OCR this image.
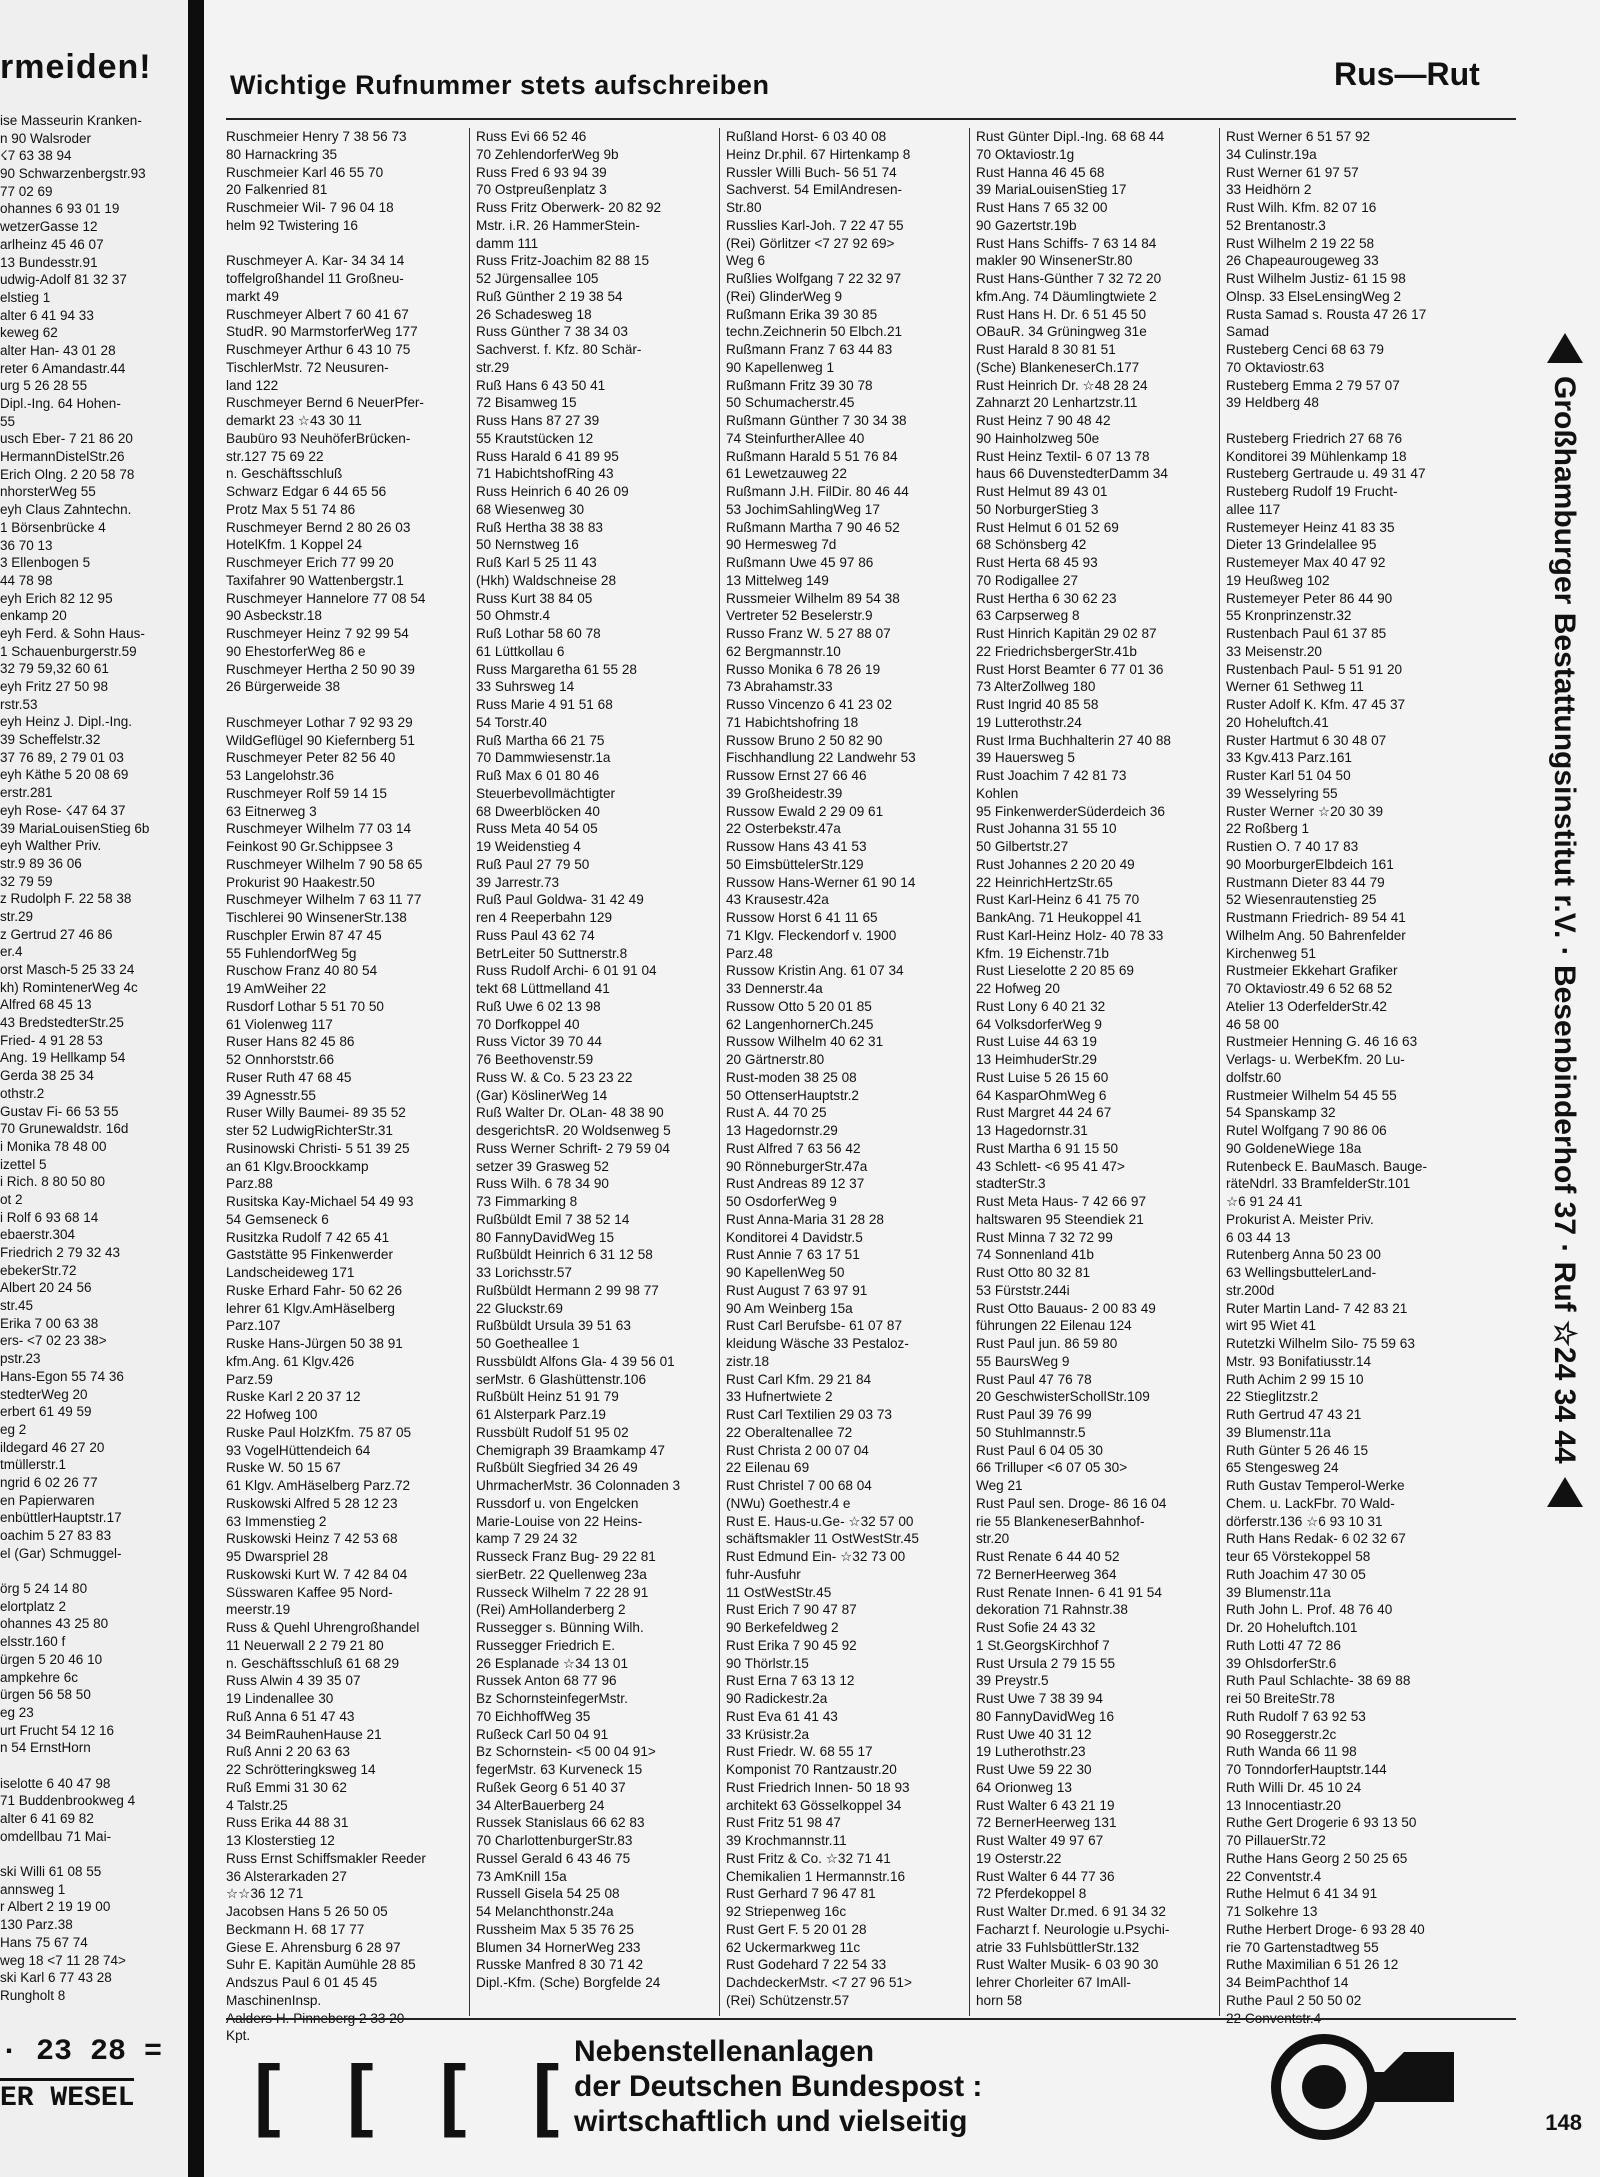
rmeiden!
ise Masseurin Kranken-
n 90 Walsroder
☇7 63 38 94
90 Schwarzenbergstr.93
77 02 69
ohannes 6 93 01 19
wetzerGasse 12
arlheinz 45 46 07
13 Bundesstr.91
udwig-Adolf 81 32 37
elstieg 1
alter 6 41 94 33
keweg 62
alter Han- 43 01 28
reter 6 Amandastr.44
urg 5 26 28 55
Dipl.-Ing. 64 Hohen-
55
usch Eber- 7 21 86 20
HermannDistelStr.26
Erich Olng. 2 20 58 78
nhorsterWeg 55
eyh Claus Zahntechn.
1 Börsenbrücke 4
36 70 13
3 Ellenbogen 5
44 78 98
eyh Erich 82 12 95
enkamp 20
eyh Ferd. & Sohn Haus-
1 Schauenburgerstr.59
32 79 59,32 60 61
eyh Fritz 27 50 98
rstr.53
eyh Heinz J. Dipl.-Ing.
39 Scheffelstr.32
37 76 89, 2 79 01 03
eyh Käthe 5 20 08 69
erstr.281
eyh Rose- ☇47 64 37
39 MariaLouisenStieg 6b
eyh Walther Priv.
str.9 89 36 06
32 79 59
z Rudolph F. 22 58 38
str.29
z Gertrud 27 46 86
er.4
orst Masch-5 25 33 24
kh) RomintenerWeg 4c
Alfred 68 45 13
43 BredstedterStr.25
Fried- 4 91 28 53
Ang. 19 Hellkamp 54
Gerda 38 25 34
othstr.2
Gustav Fi- 66 53 55
70 Grunewaldstr. 16d
i Monika 78 48 00
izettel 5
i Rich. 8 80 50 80
ot 2
i Rolf 6 93 68 14
ebaerstr.304
Friedrich 2 79 32 43
ebekerStr.72
Albert 20 24 56
str.45
Erika 7 00 63 38
ers- <7 02 23 38>
pstr.23
Hans-Egon 55 74 36
stedterWeg 20
erbert 61 49 59
eg 2
ildegard 46 27 20
tmüllerstr.1
ngrid 6 02 26 77
en Papierwaren
enbüttlerHauptstr.17
oachim 5 27 83 83
el (Gar) Schmuggel-
örg 5 24 14 80
elortplatz 2
ohannes 43 25 80
elsstr.160 f
ürgen 5 20 46 10
ampkehre 6c
ürgen 56 58 50
eg 23
urt Frucht 54 12 16
n 54 ErnstHorn
iselotte 6 40 47 98
71 Buddenbrookweg 4
alter 6 41 69 82
omdellbau 71 Mai-
ski Willi 61 08 55
annsweg 1
r Albert 2 19 19 00
130 Parz.38
Hans 75 67 74
weg 18 <7 11 28 74>
ski Karl 6 77 43 28
Rungholt 8
· 23 28 =
ER WESEL
Wichtige Rufnummer stets aufschreiben	Rus—Rut
Ruschmeier Henry 7 38 56 73
80 Harnackring 35
Ruschmeier Karl 46 55 70
20 Falkenried 81
Ruschmeier Wil- 7 96 04 18
helm 92 Twistering 16
Ruschmeyer A. Kar- 34 34 14
toffelgroßhandel 11 Großneu-
markt 49
Ruschmeyer Albert 7 60 41 67
StudR. 90 MarmstorferWeg 177
Ruschmeyer Arthur 6 43 10 75
TischlerMstr. 72 Neusuren-
land 122
Ruschmeyer Bernd 6 NeuerPfer-
demarkt 23 ☆43 30 11
Baubüro 93 NeuhöferBrücken-
str.127 75 69 22
n. Geschäftsschluß
Schwarz Edgar 6 44 65 56
Protz Max 5 51 74 86
Ruschmeyer Bernd 2 80 26 03
HotelKfm. 1 Koppel 24
Ruschmeyer Erich 77 99 20
Taxifahrer 90 Wattenbergstr.1
Ruschmeyer Hannelore 77 08 54
90 Asbeckstr.18
Ruschmeyer Heinz 7 92 99 54
90 EhestorferWeg 86 e
Ruschmeyer Hertha 2 50 90 39
26 Bürgerweide 38
Ruschmeyer Lothar 7 92 93 29
WildGeflügel 90 Kiefernberg 51
Ruschmeyer Peter 82 56 40
53 Langelohstr.36
Ruschmeyer Rolf 59 14 15
63 Eitnerweg 3
Ruschmeyer Wilhelm 77 03 14
Feinkost 90 Gr.Schippsee 3
Ruschmeyer Wilhelm 7 90 58 65
Prokurist 90 Haakestr.50
Ruschmeyer Wilhelm 7 63 11 77
Tischlerei 90 WinsenerStr.138
Ruschpler Erwin 87 47 45
55 FuhlendorfWeg 5g
Ruschow Franz 40 80 54
19 AmWeiher 22
Rusdorf Lothar 5 51 70 50
61 Violenweg 117
Ruser Hans 82 45 86
52 Onnhorststr.66
Ruser Ruth 47 68 45
39 Agnesstr.55
Ruser Willy Baumei- 89 35 52
ster 52 LudwigRichterStr.31
Rusinowski Christi- 5 51 39 25
an 61 Klgv.Broockkamp
Parz.88
Rusitska Kay-Michael 54 49 93
54 Gemseneck 6
Rusitzka Rudolf 7 42 65 41
Gaststätte 95 Finkenwerder
Landscheideweg 171
Ruske Erhard Fahr- 50 62 26
lehrer 61 Klgv.AmHäselberg
Parz.107
Ruske Hans-Jürgen 50 38 91
kfm.Ang. 61 Klgv.426
Parz.59
Ruske Karl 2 20 37 12
22 Hofweg 100
Ruske Paul HolzKfm. 75 87 05
93 VogelHüttendeich 64
Ruske W. 50 15 67
61 Klgv. AmHäselberg Parz.72
Ruskowski Alfred 5 28 12 23
63 Immenstieg 2
Ruskowski Heinz 7 42 53 68
95 Dwarspriel 28
Ruskowski Kurt W. 7 42 84 04
Süsswaren Kaffee 95 Nord-
meerstr.19
Russ & Quehl Uhrengroßhandel
11 Neuerwall 2 2 79 21 80
n. Geschäftsschluß 61 68 29
Russ Alwin 4 39 35 07
19 Lindenallee 30
Ruß Anna 6 51 47 43
34 BeimRauhenHause 21
Ruß Anni 2 20 63 63
22 Schrötteringksweg 14
Ruß Emmi 31 30 62
4 Talstr.25
Russ Erika 44 88 31
13 Klosterstieg 12
Russ Ernst Schiffsmakler Reeder
36 Alsterarkaden 27
☆☆36 12 71
Jacobsen Hans 5 26 50 05
Beckmann H. 68 17 77
Giese E. Ahrensburg 6 28 97
Suhr E. Kapitän Aumühle 28 85
Andszus Paul 6 01 45 45
MaschinenInsp.
Kpt.
Russ Evi 66 52 46
70 ZehlendorferWeg 9b
Russ Fred 6 93 94 39
70 Ostpreußenplatz 3
Russ Fritz Oberwerk- 20 82 92
Mstr. i.R. 26 HammerStein-
damm 111
Russ Fritz-Joachim 82 88 15
52 Jürgensallee 105
Ruß Günther 2 19 38 54
26 Schadesweg 18
Russ Günther 7 38 34 03
Sachverst. f. Kfz. 80 Schär-
str.29
Ruß Hans 6 43 50 41
72 Bisamweg 15
Russ Hans 87 27 39
55 Krautstücken 12
Russ Harald 6 41 89 95
71 HabichtshofRing 43
Russ Heinrich 6 40 26 09
68 Wiesenweg 30
Ruß Hertha 38 38 83
50 Nernstweg 16
Ruß Karl 5 25 11 43
(Hkh) Waldschneise 28
Russ Kurt 38 84 05
50 Ohmstr.4
Ruß Lothar 58 60 78
61 Lüttkollau 6
Russ Margaretha 61 55 28
33 Suhrsweg 14
Russ Marie 4 91 51 68
54 Torstr.40
Ruß Martha 66 21 75
70 Dammwiesenstr.1a
Ruß Max 6 01 80 46
Steuerbevollmächtigter
68 Dweerblöcken 40
Russ Meta 40 54 05
19 Weidenstieg 4
Ruß Paul 27 79 50
39 Jarrestr.73
Ruß Paul Goldwa- 31 42 49
ren 4 Reeperbahn 129
Russ Paul 43 62 74
BetrLeiter 50 Suttnerstr.8
Russ Rudolf Archi- 6 01 91 04
tekt 68 Lüttmelland 41
Ruß Uwe 6 02 13 98
70 Dorfkoppel 40
Russ Victor 39 70 44
76 Beethovenstr.59
Russ W. & Co. 5 23 23 22
(Gar) KöslinerWeg 14
Ruß Walter Dr. OLan- 48 38 90
desgerichtsR. 20 Woldsenweg 5
Russ Werner Schrift- 2 79 59 04
setzer 39 Grasweg 52
Russ Wilh. 6 78 34 90
73 Fimmarking 8
Rußbüldt Emil 7 38 52 14
80 FannyDavidWeg 15
Rußbüldt Heinrich 6 31 12 58
33 Lorichsstr.57
Rußbüldt Hermann 2 99 98 77
22 Gluckstr.69
Rußbüldt Ursula 39 51 63
50 Goetheallee 1
Russbüldt Alfons Gla- 4 39 56 01
serMstr. 6 Glashüttenstr.106
Rußbült Heinz 51 91 79
61 Alsterpark Parz.19
Russbült Rudolf 51 95 02
Chemigraph 39 Braamkamp 47
Rußbült Siegfried 34 26 49
UhrmacherMstr. 36 Colonnaden 3
Russdorf u. von Engelcken
Marie-Louise von 22 Heins-
kamp 7 29 24 32
Russeck Franz Bug- 29 22 81
sierBetr. 22 Quellenweg 23a
Russeck Wilhelm 7 22 28 91
(Rei) AmHollanderberg 2
Russegger s. Bünning Wilh.
Russegger Friedrich E.
26 Esplanade ☆34 13 01
Russek Anton 68 77 96
Bz SchornsteinfegerMstr.
70 EichhoffWeg 35
Rußeck Carl 50 04 91
Bz Schornstein- <5 00 04 91>
fegerMstr. 63 Kurveneck 15
Rußek Georg 6 51 40 37
34 AlterBauerberg 24
Russek Stanislaus 66 62 83
70 CharlottenburgerStr.83
Russel Gerald 6 43 46 75
73 AmKnill 15a
Russell Gisela 54 25 08
54 Melanchthonstr.24a
Russheim Max 5 35 76 25
Blumen 34 HornerWeg 233
Russke Manfred 8 30 71 42
Dipl.-Kfm. (Sche) Borgfelde 24
Rußland Horst- 6 03 40 08
Heinz Dr.phil. 67 Hirtenkamp 8
Russler Willi Buch- 56 51 74
Sachverst. 54 EmilAndresen-
Str.80
Russlies Karl-Joh. 7 22 47 55
(Rei) Görlitzer <7 27 92 69>
Weg 6
Rußlies Wolfgang 7 22 32 97
(Rei) GlinderWeg 9
Rußmann Erika 39 30 85
techn.Zeichnerin 50 Elbch.21
Rußmann Franz 7 63 44 83
90 Kapellenweg 1
Rußmann Fritz 39 30 78
50 Schumacherstr.45
Rußmann Günther 7 30 34 38
74 SteinfurtherAllee 40
Rußmann Harald 5 51 76 84
61 Lewetzauweg 22
Rußmann J.H. FilDir. 80 46 44
53 JochimSahlingWeg 17
Rußmann Martha 7 90 46 52
90 Hermesweg 7d
Rußmann Uwe 45 97 86
13 Mittelweg 149
Russmeier Wilhelm 89 54 38
Vertreter 52 Beselerstr.9
Russo Franz W. 5 27 88 07
62 Bergmannstr.10
Russo Monika 6 78 26 19
73 Abrahamstr.33
Russo Vincenzo 6 41 23 02
71 Habichtshofring 18
Russow Bruno 2 50 82 90
Fischhandlung 22 Landwehr 53
Russow Ernst 27 66 46
39 Großheidestr.39
Russow Ewald 2 29 09 61
22 Osterbekstr.47a
Russow Hans 43 41 53
50 EimsbüttelerStr.129
Russow Hans-Werner 61 90 14
43 Krausestr.42a
Russow Horst 6 41 11 65
71 Klgv. Fleckendorf v. 1900
Parz.48
Russow Kristin Ang. 61 07 34
33 Dennerstr.4a
Russow Otto 5 20 01 85
62 LangenhornerCh.245
Russow Wilhelm 40 62 31
20 Gärtnerstr.80
Rust-moden 38 25 08
50 OttenserHauptstr.2
Rust A. 44 70 25
13 Hagedornstr.29
Rust Alfred 7 63 56 42
90 RönneburgerStr.47a
Rust Andreas 89 12 37
50 OsdorferWeg 9
Rust Anna-Maria 31 28 28
Konditorei 4 Davidstr.5
Rust Annie 7 63 17 51
90 KapellenWeg 50
Rust August 7 63 97 91
90 Am Weinberg 15a
Rust Carl Berufsbe- 61 07 87
kleidung Wäsche 33 Pestaloz-
zistr.18
Rust Carl Kfm. 29 21 84
33 Hufnertwiete 2
Rust Carl Textilien 29 03 73
22 Oberaltenallee 72
Rust Christa 2 00 07 04
22 Eilenau 69
Rust Christel 7 00 68 04
(NWu) Goethestr.4 e
Rust E. Haus-u.Ge- ☆32 57 00
schäftsmakler 11 OstWestStr.45
Rust Edmund Ein- ☆32 73 00
fuhr-Ausfuhr
11 OstWestStr.45
Rust Erich 7 90 47 87
90 Berkefeldweg 2
Rust Erika 7 90 45 92
90 Thörlstr.15
Rust Erna 7 63 13 12
90 Radickestr.2a
Rust Eva 61 41 43
33 Krüsistr.2a
Rust Friedr. W. 68 55 17
Komponist 70 Rantzaustr.20
Rust Friedrich Innen- 50 18 93
architekt 63 Gösselkoppel 34
Rust Fritz 51 98 47
39 Krochmannstr.11
Rust Fritz & Co. ☆32 71 41
Chemikalien 1 Hermannstr.16
Rust Gerhard 7 96 47 81
92 Striepenweg 16c
Rust Gert F. 5 20 01 28
62 Uckermarkweg 11c
Rust Godehard 7 22 54 33
DachdeckerMstr. <7 27 96 51>
(Rei) Schützenstr.57
Rust Günter Dipl.-Ing. 68 68 44
70 Oktaviostr.1g
Rust Hanna 46 45 68
39 MariaLouisenStieg 17
Rust Hans 7 65 32 00
90 Gazertstr.19b
Rust Hans Schiffs- 7 63 14 84
makler 90 WinsenerStr.80
Rust Hans-Günther 7 32 72 20
kfm.Ang. 74 Däumlingtwiete 2
Rust Hans H. Dr. 6 51 45 50
OBauR. 34 Grüningweg 31e
Rust Harald 8 30 81 51
(Sche) BlankeneserCh.177
Rust Heinrich Dr. ☆48 28 24
Zahnarzt 20 Lenhartzstr.11
Rust Heinz 7 90 48 42
90 Hainholzweg 50e
Rust Heinz Textil- 6 07 13 78
haus 66 DuvenstedterDamm 34
Rust Helmut 89 43 01
50 NorburgerStieg 3
Rust Helmut 6 01 52 69
68 Schönsberg 42
Rust Herta 68 45 93
70 Rodigallee 27
Rust Hertha 6 30 62 23
63 Carpserweg 8
Rust Hinrich Kapitän 29 02 87
22 FriedrichsbergerStr.41b
Rust Horst Beamter 6 77 01 36
73 AlterZollweg 180
Rust Ingrid 40 85 58
19 Lutterothstr.24
Rust Irma Buchhalterin 27 40 88
39 Hauersweg 5
Rust Joachim 7 42 81 73
Kohlen
95 FinkenwerderSüderdeich 36
Rust Johanna 31 55 10
50 Gilbertstr.27
Rust Johannes 2 20 20 49
22 HeinrichHertzStr.65
Rust Karl-Heinz 6 41 75 70
BankAng. 71 Heukoppel 41
Rust Karl-Heinz Holz- 40 78 33
Kfm. 19 Eichenstr.71b
Rust Lieselotte 2 20 85 69
22 Hofweg 20
Rust Lony 6 40 21 32
64 VolksdorferWeg 9
Rust Luise 44 63 19
13 HeimhuderStr.29
Rust Luise 5 26 15 60
64 KasparOhmWeg 6
Rust Margret 44 24 67
13 Hagedornstr.31
Rust Martha 6 91 15 50
43 Schlett- <6 95 41 47>
stadterStr.3
Rust Meta Haus- 7 42 66 97
haltswaren 95 Steendiek 21
Rust Minna 7 32 72 99
74 Sonnenland 41b
Rust Otto 80 32 81
53 Fürststr.244i
Rust Otto Bauaus- 2 00 83 49
führungen 22 Eilenau 124
Rust Paul jun. 86 59 80
55 BaursWeg 9
Rust Paul 47 76 78
20 GeschwisterSchollStr.109
Rust Paul 39 76 99
50 Stuhlmannstr.5
Rust Paul 6 04 05 30
66 Trilluper <6 07 05 30>
Weg 21
Rust Paul sen. Droge- 86 16 04
rie 55 BlankeneserBahnhof-
str.20
Rust Renate 6 44 40 52
72 BernerHeerweg 364
Rust Renate Innen- 6 41 91 54
dekoration 71 Rahnstr.38
Rust Sofie 24 43 32
1 St.GeorgsKirchhof 7
Rust Ursula 2 79 15 55
39 Preystr.5
Rust Uwe 7 38 39 94
80 FannyDavidWeg 16
Rust Uwe 40 31 12
19 Lutherothstr.23
Rust Uwe 59 22 30
64 Orionweg 13
Rust Walter 6 43 21 19
72 BernerHeerweg 131
Rust Walter 49 97 67
19 Osterstr.22
Rust Walter 6 44 77 36
72 Pferdekoppel 8
Rust Walter Dr.med. 6 91 34 32
Facharzt f. Neurologie u.Psychi-
atrie 33 FuhlsbüttlerStr.132
Rust Walter Musik- 6 03 90 30
lehrer Chorleiter 67 ImAll-
horn 58
Rust Werner 6 51 57 92
34 Culinstr.19a
Rust Werner 61 97 57
33 Heidhörn 2
Rust Wilh. Kfm. 82 07 16
52 Brentanostr.3
Rust Wilhelm 2 19 22 58
26 Chapeaurougeweg 33
Rust Wilhelm Justiz- 61 15 98
Olnsp. 33 ElseLensingWeg 2
Rusta Samad s. Rousta 47 26 17
Samad
Rusteberg Cenci 68 63 79
70 Oktaviostr.63
Rusteberg Emma 2 79 57 07
39 Heldberg 48
Rusteberg Friedrich 27 68 76
Konditorei 39 Mühlenkamp 18
Rusteberg Gertraude u. 49 31 47
Rusteberg Rudolf 19 Frucht-
allee 117
Rustemeyer Heinz 41 83 35
Dieter 13 Grindelallee 95
Rustemeyer Max 40 47 92
19 Heußweg 102
Rustemeyer Peter 86 44 90
55 Kronprinzenstr.32
Rustenbach Paul 61 37 85
33 Meisenstr.20
Rustenbach Paul- 5 51 91 20
Werner 61 Sethweg 11
Ruster Adolf K. Kfm. 47 45 37
20 Hoheluftch.41
Ruster Hartmut 6 30 48 07
33 Kgv.413 Parz.161
Ruster Karl 51 04 50
39 Wesselyring 55
Ruster Werner ☆20 30 39
22 Roßberg 1
Rustien O. 7 40 17 83
90 MoorburgerElbdeich 161
Rustmann Dieter 83 44 79
52 Wiesenrautenstieg 25
Rustmann Friedrich- 89 54 41
Wilhelm Ang. 50 Bahrenfelder
Kirchenweg 51
Rustmeier Ekkehart Grafiker
70 Oktaviostr.49 6 52 68 52
Atelier 13 OderfelderStr.42
46 58 00
Rustmeier Henning G. 46 16 63
Verlags- u. WerbeKfm. 20 Lu-
dolfstr.60
Rustmeier Wilhelm 54 45 55
54 Spanskamp 32
Rutel Wolfgang 7 90 86 06
90 GoldeneWiege 18a
Rutenbeck E. BauMasch. Bauge-
räteNdrl. 33 BramfelderStr.101
☆6 91 24 41
Prokurist A. Meister Priv.
6 03 44 13
Rutenberg Anna 50 23 00
63 WellingsbuttelerLand-
str.200d
Ruter Martin Land- 7 42 83 21
wirt 95 Wiet 41
Rutetzki Wilhelm Silo- 75 59 63
Mstr. 93 Bonifatiusstr.14
Ruth Achim 2 99 15 10
22 Stieglitzstr.2
Ruth Gertrud 47 43 21
39 Blumenstr.11a
Ruth Günter 5 26 46 15
65 Stengesweg 24
Ruth Gustav Temperol-Werke
Chem. u. LackFbr. 70 Wald-
dörferstr.136 ☆6 93 10 31
Ruth Hans Redak- 6 02 32 67
teur 65 Vörstekoppel 58
Ruth Joachim 47 30 05
39 Blumenstr.11a
Ruth John L. Prof. 48 76 40
Dr. 20 Hoheluftch.101
Ruth Lotti 47 72 86
39 OhlsdorferStr.6
Ruth Paul Schlachte- 38 69 88
rei 50 BreiteStr.78
Ruth Rudolf 7 63 92 53
90 Roseggerstr.2c
Ruth Wanda 66 11 98
70 TonndorferHauptstr.144
Ruth Willi Dr. 45 10 24
13 Innocentiastr.20
Ruthe Gert Drogerie 6 93 13 50
70 PillauerStr.72
Ruthe Hans Georg 2 50 25 65
22 Conventstr.4
Ruthe Helmut 6 41 34 91
71 Solkehre 13
Ruthe Herbert Droge- 6 93 28 40
rie 70 Gartenstadtweg 55
Ruthe Maximilian 6 51 26 12
34 BeimPachthof 14
Ruthe Paul 2 50 50 02
Großhamburger Bestattungsinstitut r.V. · Besenbinderhof 37 · Ruf ☆24 34 44
[ [ [ [
Nebenstellenanlagen
der Deutschen Bundespost :
wirtschaftlich und vielseitig	148
